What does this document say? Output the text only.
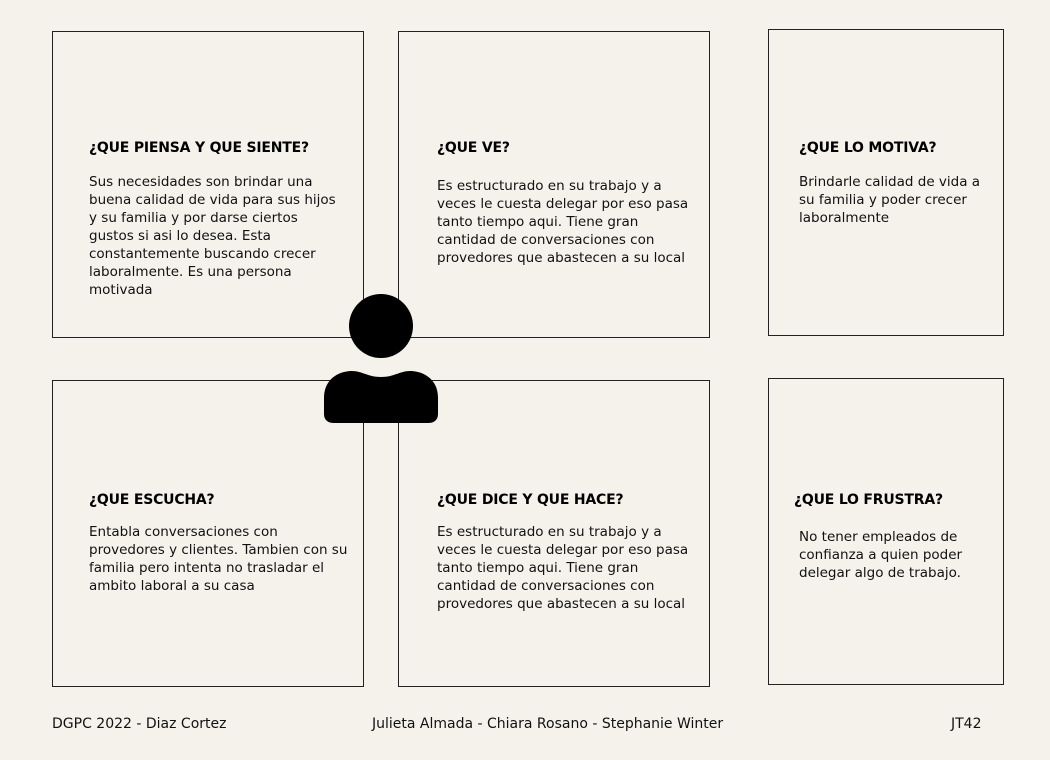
¿QUE PIENSA Y QUE SIENTE?

Sus necesidades son brindar una buena calidad de vida para sus hijos y su familia y por darse ciertos gustos si asi lo desea. Esta constantemente buscando crecer laboralmente. Es una persona motivada

¿QUE VE?

Es estructurado en su trabajo y a veces le cuesta delegar por eso pasa tanto tiempo aqui. Tiene gran cantidad de conversaciones con provedores que abastecen a su local

¿QUE LO MOTIVA?

Brindarle calidad de vida a su familia y poder crecer laboralmente

¿QUE ESCUCHA?

Entabla conversaciones con provedores y clientes. Tambien con su familia pero intenta no trasladar el ambito laboral a su casa

¿QUE DICE Y QUE HACE?

Es estructurado en su trabajo y a veces le cuesta delegar por eso pasa tanto tiempo aqui. Tiene gran cantidad de conversaciones con provedores que abastecen a su local

¿QUE LO FRUSTRA?

No tener empleados de confianza a quien poder delegar algo de trabajo.

DGPC 2022 - Diaz Cortez	Julieta Almada - Chiara Rosano - Stephanie Winter	JT42
